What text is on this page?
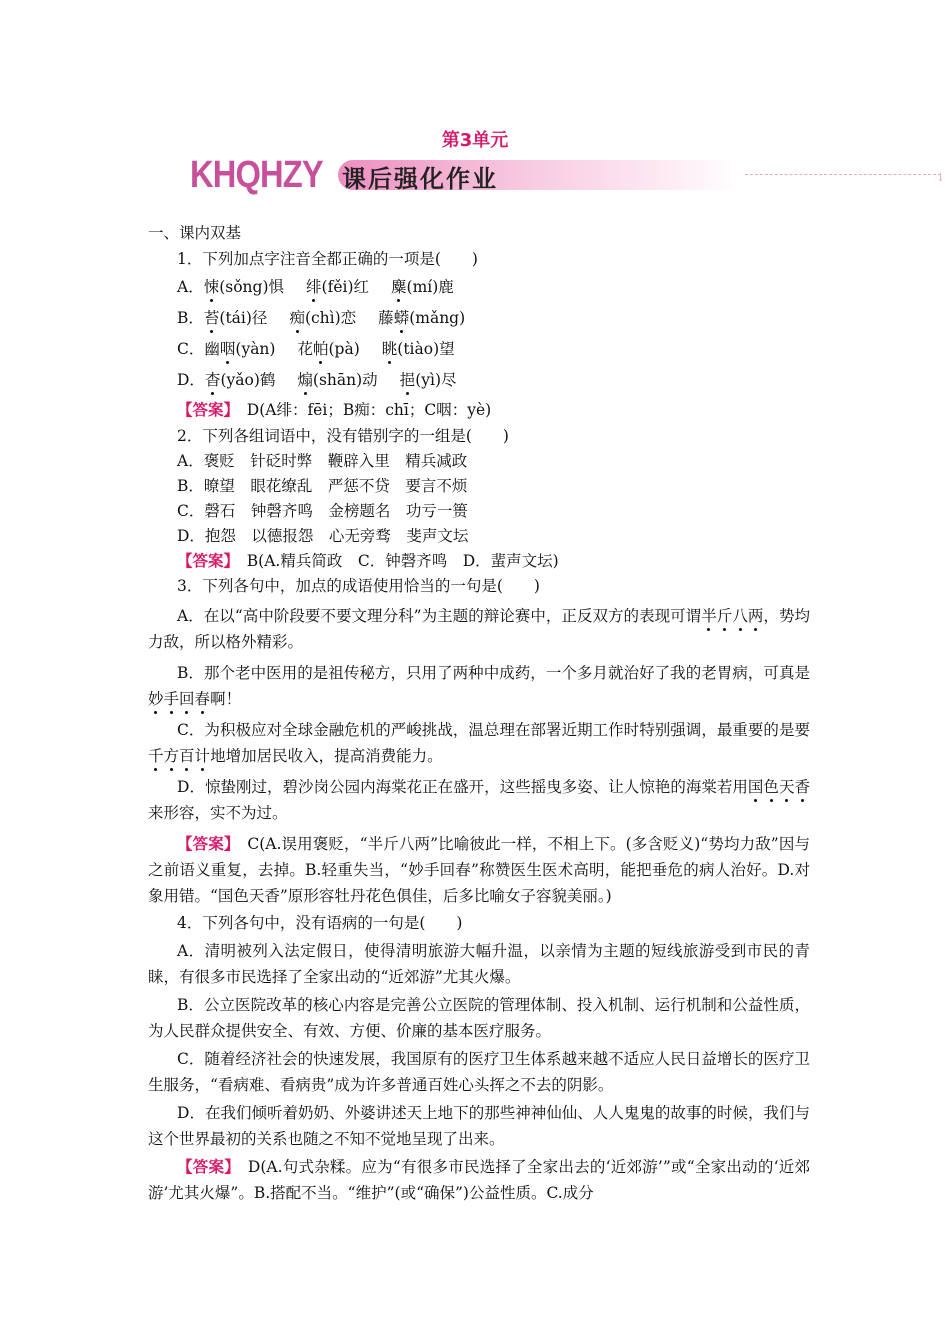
第3单元
KHQHZY 课后强化作业	↓
一、课内双基
1．下列加点字注音全都正确的一项是(　　)
A．悚(sǒng)惧 绯(fěi)红 麋(mí)鹿
B．苔(tái)径 痴(chì)恋 藤蟒(mǎng)
C．幽咽(yàn) 花帕(pà) 眺(tiào)望
D．杳(yǎo)鹤 煽(shān)动 挹(yì)尽
【答案】　 D(A绯：fēi；B痴：chī；C咽：yè)
2．下列各组词语中，没有错别字的一组是(　　)
A．褒贬　针砭时弊　鞭辟入里　精兵减政
B．暸望　眼花缭乱　严惩不贷　要言不烦
C．磬石　钟磬齐鸣　金榜题名　功亏一篑
D．抱怨　以德报怨　心无旁骛　斐声文坛
【答案】　 B(A.精兵简政　C．钟磬齐鸣　D．蜚声文坛)
3．下列各句中，加点的成语使用恰当的一句是(　　)
A．在以“高中阶段要不要文理分科”为主题的辩论赛中，正反双方的表现可谓半斤八两，势均力敌，所以格外精彩。
B．那个老中医用的是祖传秘方，只用了两种中成药，一个多月就治好了我的老胃病，可真是妙手回春啊！
C．为积极应对全球金融危机的严峻挑战，温总理在部署近期工作时特别强调，最重要的是要千方百计地增加居民收入，提高消费能力。
D．惊蛰刚过，碧沙岗公园内海棠花正在盛开，这些摇曳多姿、让人惊艳的海棠若用国色天香来形容，实不为过。
【答案】　 C(A.误用褒贬，“半斤八两”比喻彼此一样，不相上下。(多含贬义)“势均力敌”因与之前语义重复，去掉。B.轻重失当，“妙手回春”称赞医生医术高明，能把垂危的病人治好。D.对象用错。“国色天香”原形容牡丹花色俱佳，后多比喻女子容貌美丽。)
4．下列各句中，没有语病的一句是(　　)
A．清明被列入法定假日，使得清明旅游大幅升温，以亲情为主题的短线旅游受到市民的青睐，有很多市民选择了全家出动的“近郊游”尤其火爆。
B．公立医院改革的核心内容是完善公立医院的管理体制、投入机制、运行机制和公益性质，为人民群众提供安全、有效、方便、价廉的基本医疗服务。
C．随着经济社会的快速发展，我国原有的医疗卫生体系越来越不适应人民日益增长的医疗卫生服务，“看病难、看病贵”成为许多普通百姓心头挥之不去的阴影。
D．在我们倾听着奶奶、外婆讲述天上地下的那些神神仙仙、人人鬼鬼的故事的时候，我们与这个世界最初的关系也随之不知不觉地呈现了出来。
【答案】　 D(A.句式杂糅。应为“有很多市民选择了全家出去的‘近郊游’”或“全家出动的‘近郊游’尤其火爆”。B.搭配不当。“维护”(或“确保”)公益性质。C.成分
